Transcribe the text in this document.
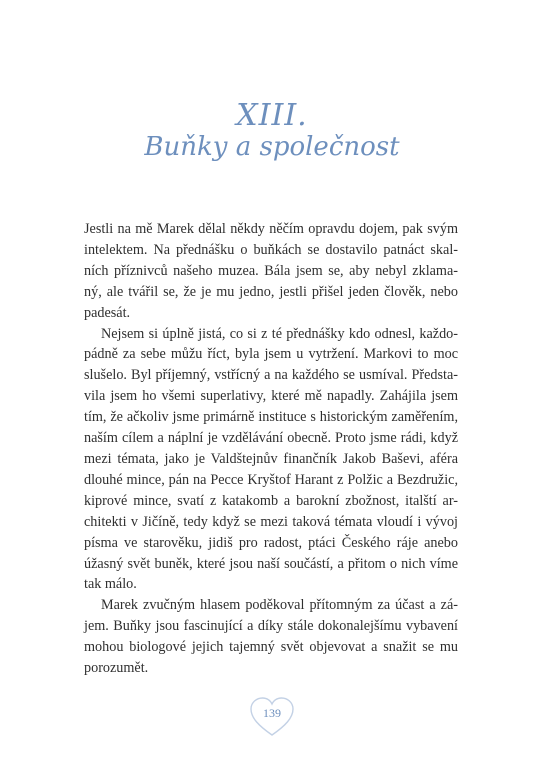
XIII.
Buňky a společnost

Jestli na mě Marek dělal někdy něčím opravdu dojem, pak svým
intelektem. Na přednášku o buňkách se dostavilo patnáct skal-
ních příznivců našeho muzea. Bála jsem se, aby nebyl zklama-
ný, ale tvářil se, že je mu jedno, jestli přišel jeden člověk, nebo
padesát.

Nejsem si úplně jistá, co si z té přednášky kdo odnesl, každo-
pádně za sebe můžu říct, byla jsem u vytržení. Markovi to moc
slušelo. Byl příjemný, vstřícný a na každého se usmíval. Předsta-
vila jsem ho všemi superlativy, které mě napadly. Zahájila jsem
tím, že ačkoliv jsme primárně instituce s historickým zaměřením,
naším cílem a náplní je vzdělávání obecně. Proto jsme rádi, když
mezi témata, jako je Valdštejnův finančník Jakob Baševi, aféra
dlouhé mince, pán na Pecce Kryštof Harant z Polžic a Bezdružic,
kiprové mince, svatí z katakomb a barokní zbožnost, italští ar-
chitekti v Jičíně, tedy když se mezi taková témata vloudí i vývoj
písma ve starověku, jidiš pro radost, ptáci Českého ráje anebo
úžasný svět buněk, které jsou naší součástí, a přitom o nich víme
tak málo.

Marek zvučným hlasem poděkoval přítomným za účast a zá-
jem. Buňky jsou fascinující a díky stále dokonalejšímu vybavení
mohou biologové jejich tajemný svět objevovat a snažit se mu
porozumět.

139
